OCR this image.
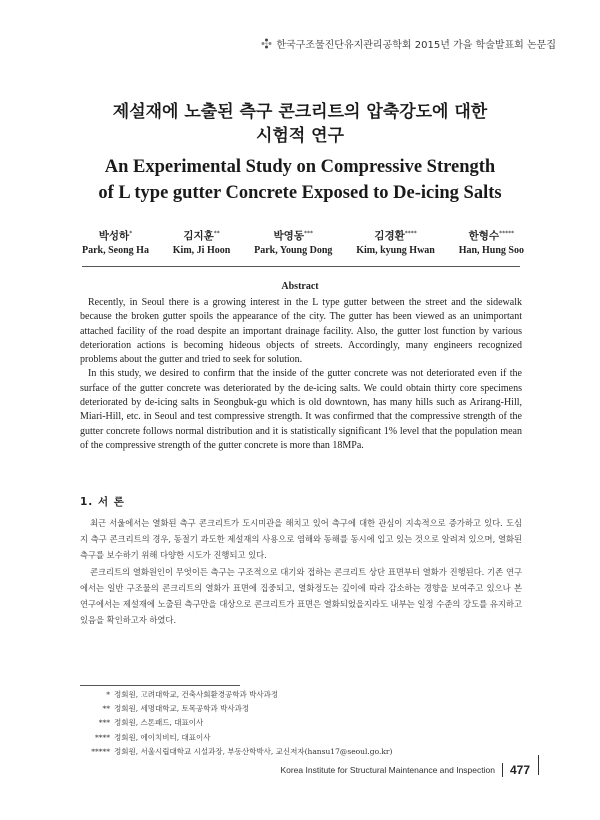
한국구조물진단유지관리공학회 2015년 가을 학술발표회 논문집
제설재에 노출된 측구 콘크리트의 압축강도에 대한
시험적 연구
An Experimental Study on Compressive Strength
of L type gutter Concrete Exposed to De-icing Salts
박성하*
Park, Seong Ha
김지훈**
Kim, Ji Hoon
박영동***
Park, Young Dong
김경환****
Kim, kyung Hwan
한형수*****
Han, Hung Soo
Abstract

Recently, in Seoul there is a growing interest in the L type gutter between the street and the sidewalk because the broken gutter spoils the appearance of the city. The gutter has been viewed as an unimportant attached facility of the road despite an important drainage facility. Also, the gutter lost function by various deterioration actions is becoming hideous objects of streets. Accordingly, many engineers recognized problems about the gutter and tried to seek for solution.

In this study, we desired to confirm that the inside of the gutter concrete was not deteriorated even if the surface of the gutter concrete was deteriorated by the de-icing salts. We could obtain thirty core specimens deteriorated by de-icing salts in Seongbuk-gu which is old downtown, has many hills such as Arirang-Hill, Miari-Hill, etc. in Seoul and test compressive strength. It was confirmed that the compressive strength of the gutter concrete follows normal distribution and it is statistically significant 1% level that the population mean of the compressive strength of the gutter concrete is more than 18MPa.

1. 서 론

최근 서울에서는 열화된 측구 콘크리트가 도시미관을 해치고 있어 측구에 대한 관심이 지속적으로 증가하고 있다. 도심지 측구 콘크리트의 경우, 동절기 과도한 제설재의 사용으로 염해와 동해를 동시에 입고 있는 것으로 알려져 있으며, 열화된 측구를 보수하기 위해 다양한 시도가 진행되고 있다.

콘크리트의 열화원인이 무엇이든 측구는 구조적으로 대기와 접하는 콘크리트 상단 표면부터 열화가 진행된다. 기존 연구에서는 일반 구조물의 콘크리트의 열화가 표면에 집중되고, 열화정도는 깊이에 따라 감소하는 경향을 보여주고 있으나 본 연구에서는 제설재에 노출된 측구만을 대상으로 콘크리트가 표면은 열화되었을지라도 내부는 일정 수준의 강도를 유지하고 있음을 확인하고자 하였다.

* 정회원, 고려대학교, 건축사회환경공학과 박사과정
** 정회원, 세명대학교, 토목공학과 박사과정
*** 정회원, 스톤패드, 대표이사
**** 정회원, 에이치비티, 대표이사
***** 정회원, 서울시립대학교 시설과장, 부동산학박사, 교신저자(hansu17@seoul.go.kr)
Korea Institute for Structural Maintenance and Inspection 477
